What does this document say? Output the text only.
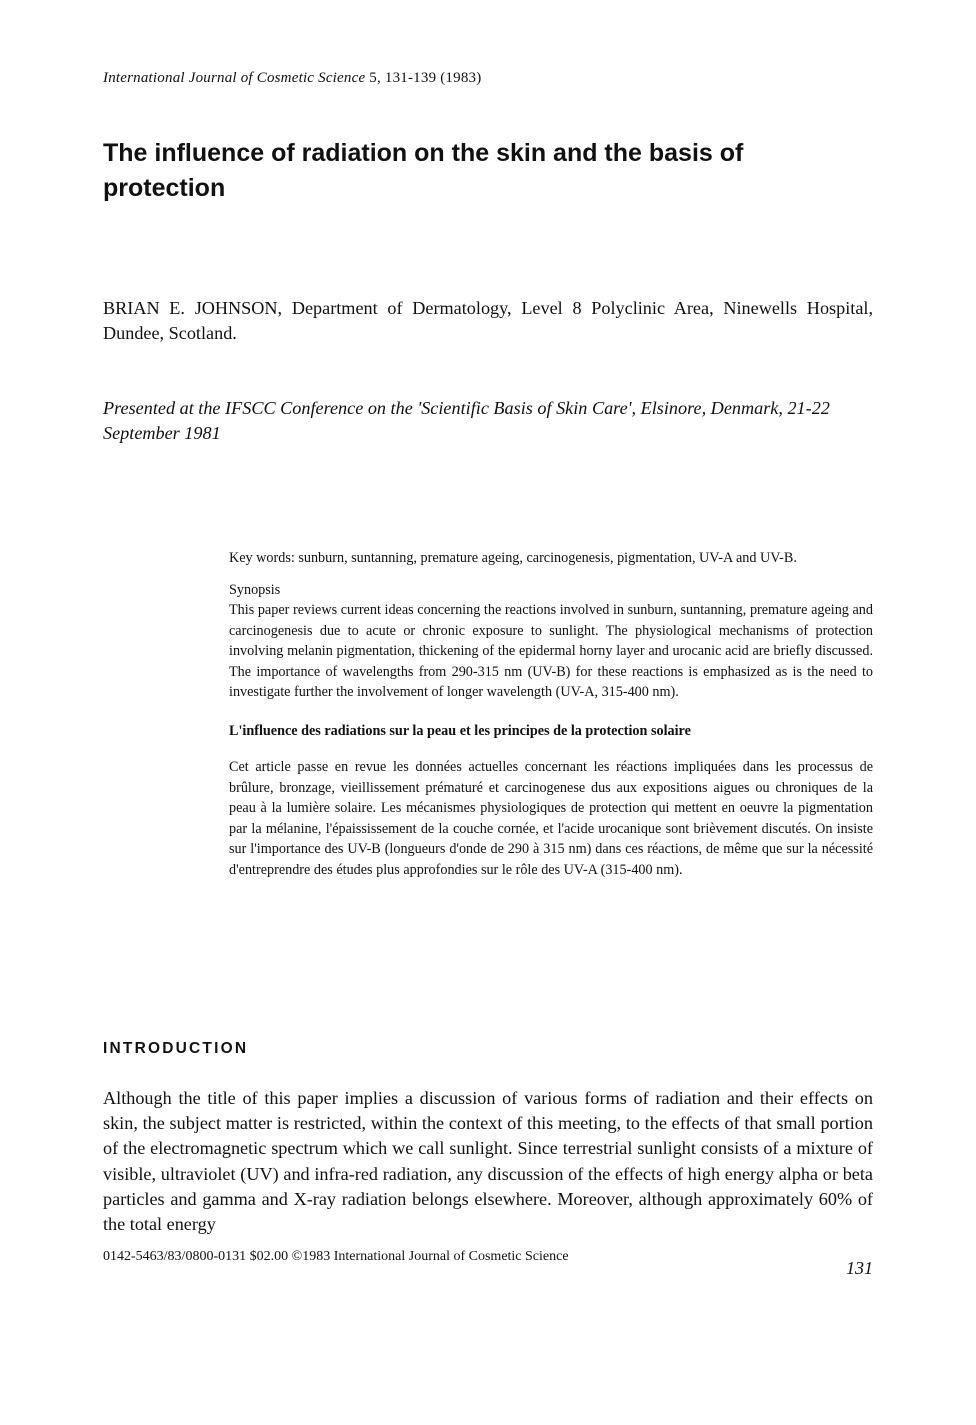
International Journal of Cosmetic Science 5, 131-139 (1983)
The influence of radiation on the skin and the basis of protection
BRIAN E. JOHNSON, Department of Dermatology, Level 8 Polyclinic Area, Ninewells Hospital, Dundee, Scotland.
Presented at the IFSCC Conference on the 'Scientific Basis of Skin Care', Elsinore, Denmark, 21-22 September 1981

Key words: sunburn, suntanning, premature ageing, carcinogenesis, pigmentation, UV-A and UV-B.

Synopsis

This paper reviews current ideas concerning the reactions involved in sunburn, suntanning, premature ageing and carcinogenesis due to acute or chronic exposure to sunlight. The physiological mechanisms of protection involving melanin pigmentation, thickening of the epidermal horny layer and urocanic acid are briefly discussed. The importance of wavelengths from 290-315 nm (UV-B) for these reactions is emphasized as is the need to investigate further the involvement of longer wavelength (UV-A, 315-400 nm).

L'influence des radiations sur la peau et les principes de la protection solaire

Cet article passe en revue les données actuelles concernant les réactions impliquées dans les processus de brûlure, bronzage, vieillissement prématuré et carcinogenese dus aux expositions aigues ou chroniques de la peau à la lumière solaire. Les mécanismes physiologiques de protection qui mettent en oeuvre la pigmentation par la mélanine, l'épaississement de la couche cornée, et l'acide urocanique sont brièvement discutés. On insiste sur l'importance des UV-B (longueurs d'onde de 290 à 315 nm) dans ces réactions, de même que sur la nécessité d'entreprendre des études plus approfondies sur le rôle des UV-A (315-400 nm).

INTRODUCTION

Although the title of this paper implies a discussion of various forms of radiation and their effects on skin, the subject matter is restricted, within the context of this meeting, to the effects of that small portion of the electromagnetic spectrum which we call sunlight. Since terrestrial sunlight consists of a mixture of visible, ultraviolet (UV) and infra-red radiation, any discussion of the effects of high energy alpha or beta particles and gamma and X-ray radiation belongs elsewhere. Moreover, although approximately 60% of the total energy

0142-5463/83/0800-0131 $02.00 ©1983 International Journal of Cosmetic Science
131
